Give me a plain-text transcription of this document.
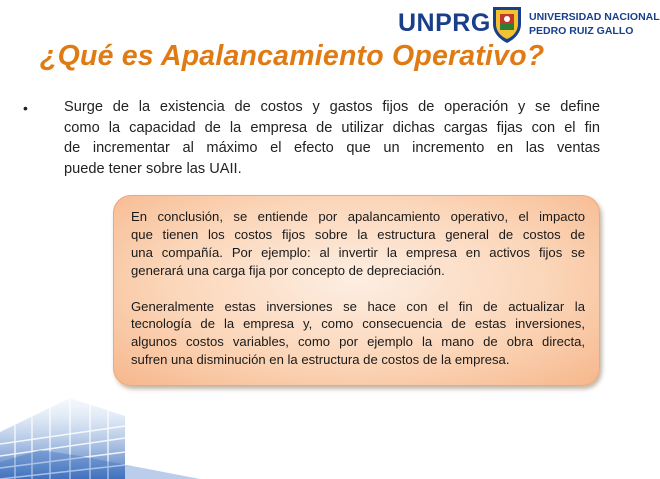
UNPRG	UNIVERSIDAD NACIONAL
PEDRO RUIZ GALLO
¿Qué es Apalancamiento Operativo?
•	Surge de la existencia de costos y gastos fijos de operación y se define
como la capacidad de la empresa de utilizar dichas cargas fijas con el fin
de incrementar al máximo el efecto que un incremento en las ventas
puede tener sobre las UAII.
En conclusión, se entiende por apalancamiento operativo, el impacto
que tienen los costos fijos sobre la estructura general de costos de
una compañía. Por ejemplo: al invertir la empresa en activos fijos se
generará una carga fija por concepto de depreciación.
Generalmente estas inversiones se hace con el fin de actualizar la
tecnología de la empresa y, como consecuencia de estas inversiones,
algunos costos variables, como por ejemplo la mano de obra directa,
sufren una disminución en la estructura de costos de la empresa.
